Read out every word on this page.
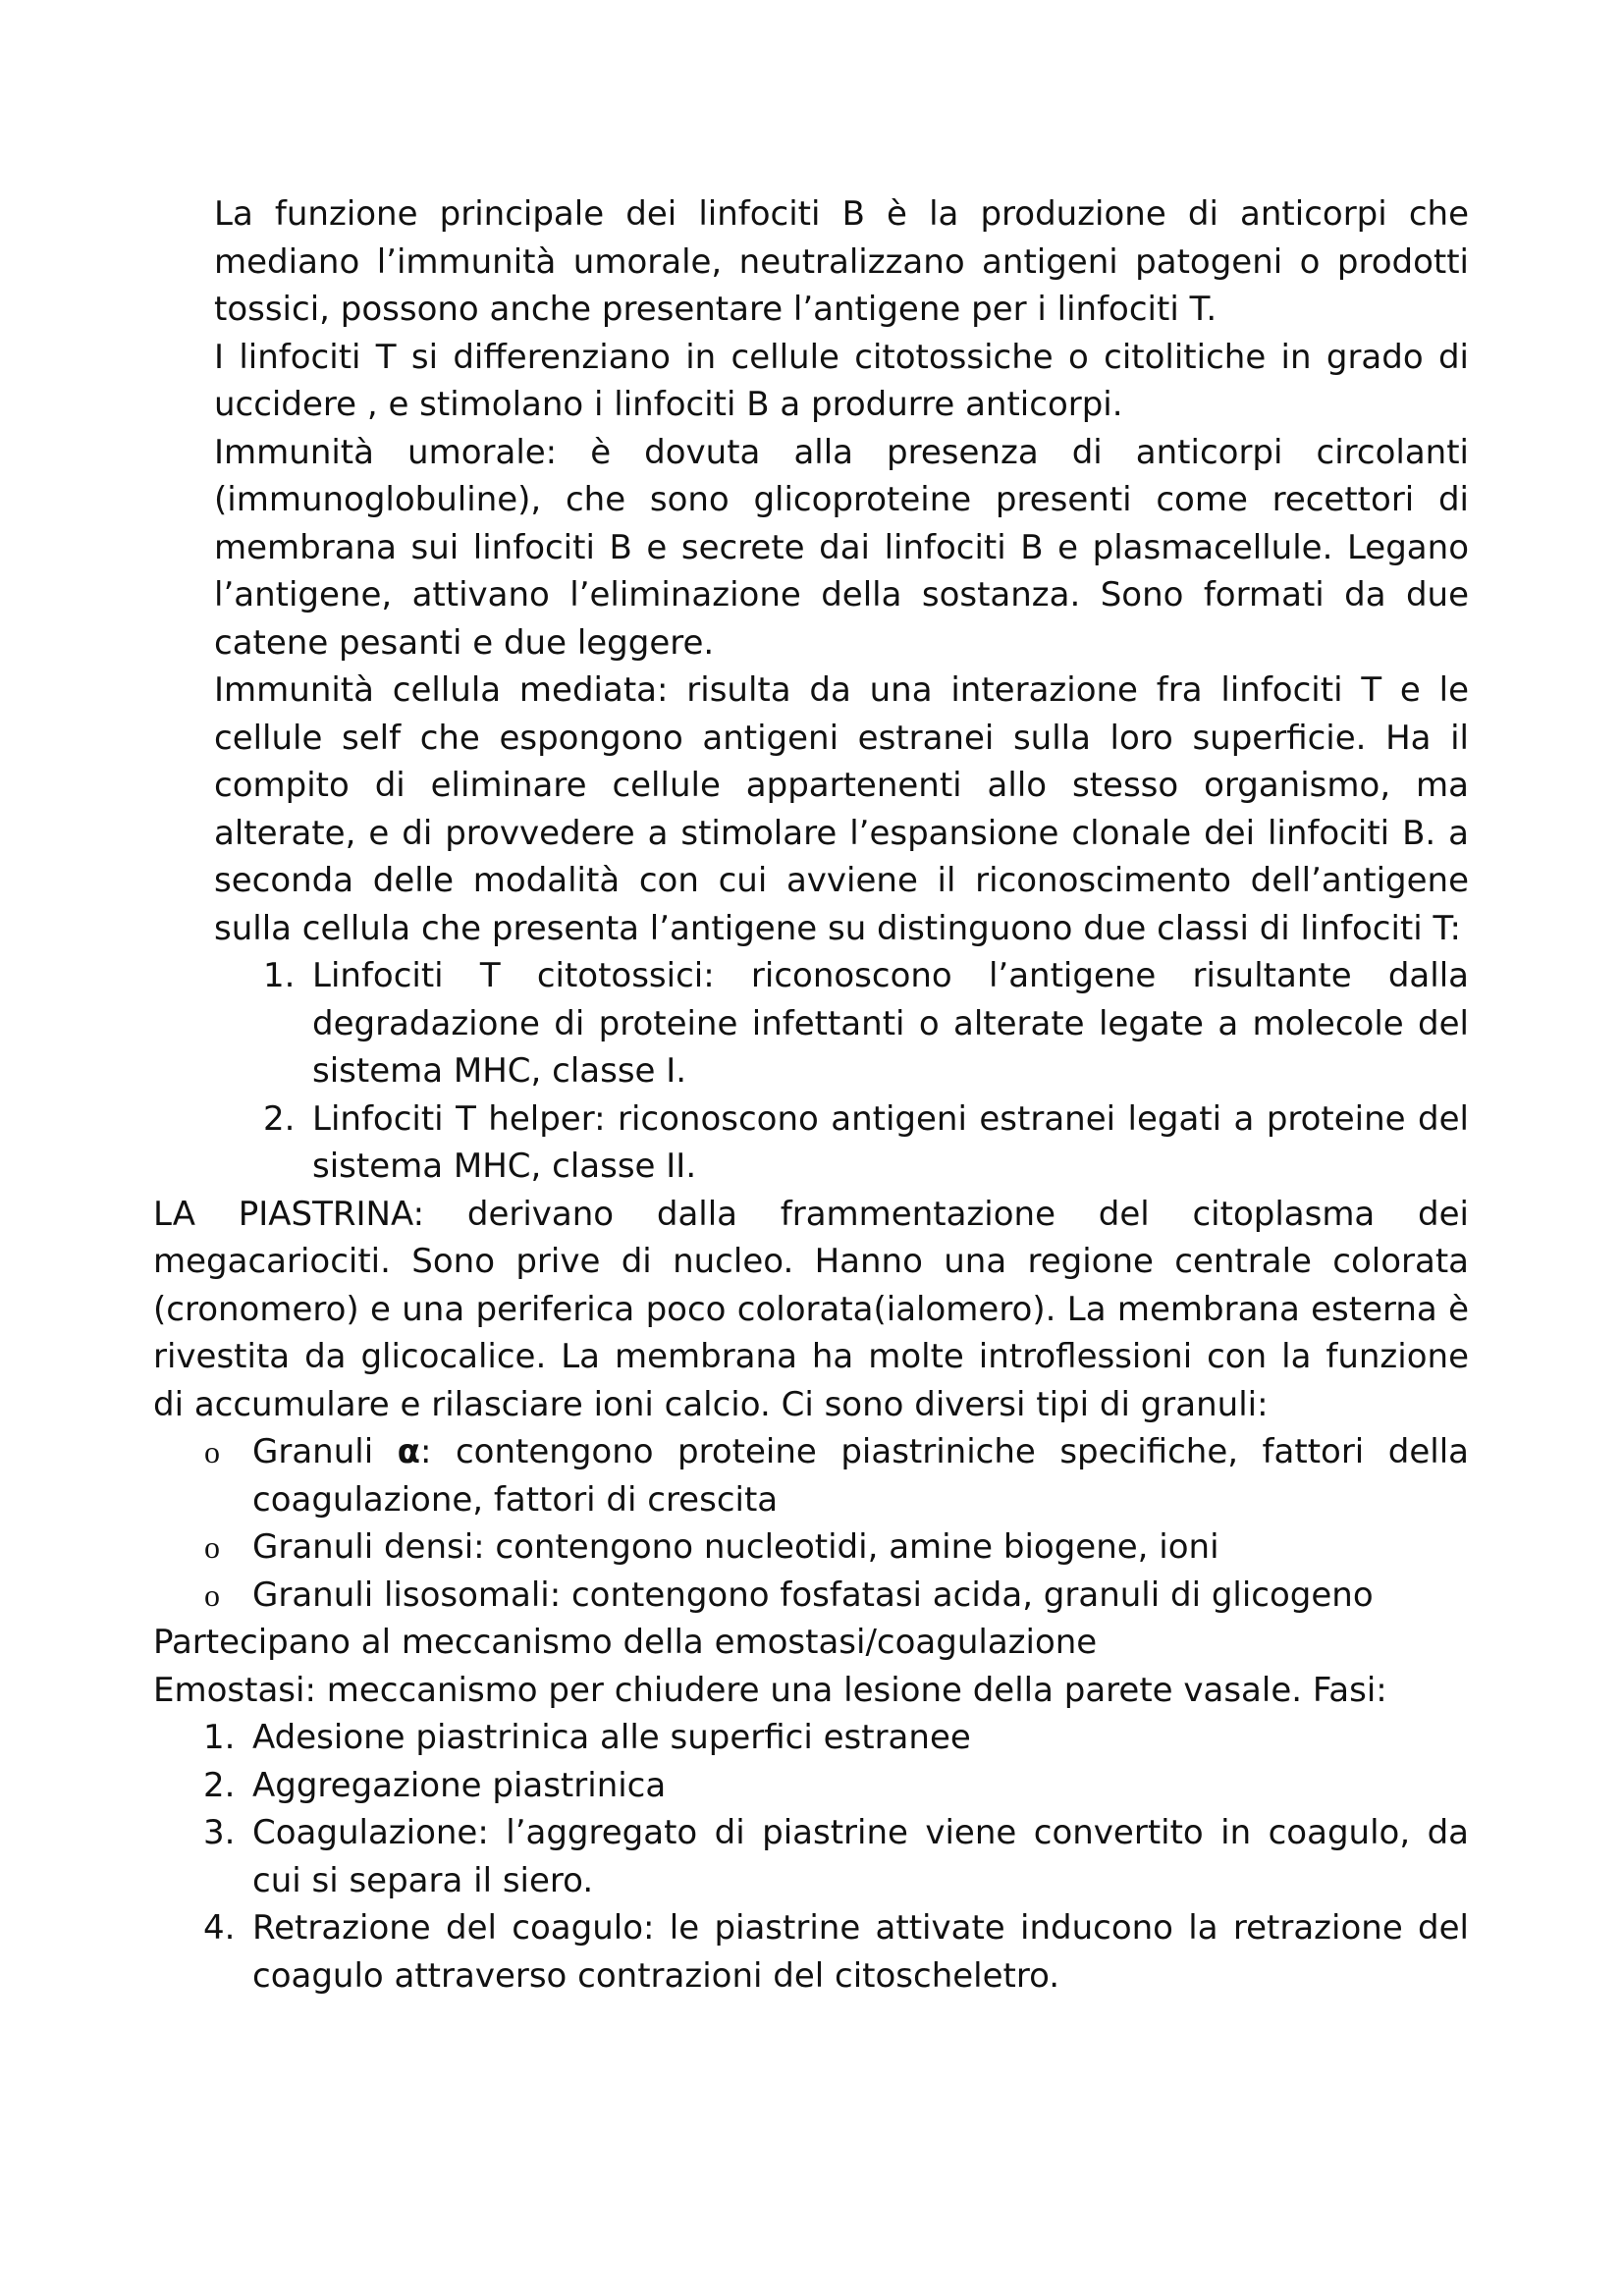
La funzione principale dei linfociti B è la produzione di anticorpi che mediano l’immunità umorale, neutralizzano antigeni patogeni o prodotti tossici, possono anche presentare l’antigene per i linfociti T.

I linfociti T si differenziano in cellule citotossiche o citolitiche in grado di uccidere , e stimolano i linfociti B a produrre anticorpi.

Immunità umorale: è dovuta alla presenza di anticorpi circolanti (immunoglobuline), che sono glicoproteine presenti come recettori di membrana sui linfociti B e secrete dai linfociti B e plasmacellule. Legano l’antigene, attivano l’eliminazione della sostanza. Sono formati da due catene pesanti e due leggere.

Immunità cellula mediata: risulta da una interazione fra linfociti T e le cellule self che espongono antigeni estranei sulla loro superficie. Ha il compito di eliminare cellule appartenenti allo stesso organismo, ma alterate, e di provvedere a stimolare l’espansione clonale dei linfociti B. a seconda delle modalità con cui avviene il riconoscimento dell’antigene sulla cellula che presenta l’antigene su distinguono due classi di linfociti T:

1. Linfociti T citotossici: riconoscono l’antigene risultante dalla degradazione di proteine infettanti o alterate legate a molecole del sistema MHC, classe I.
2. Linfociti T helper: riconoscono antigeni estranei legati a proteine del sistema MHC, classe II.

LA PIASTRINA: derivano dalla frammentazione del citoplasma dei megacariociti. Sono prive di nucleo. Hanno una regione centrale colorata (cronomero) e una periferica poco colorata(ialomero). La membrana esterna è rivestita da glicocalice. La membrana ha molte introflessioni con la funzione di accumulare e rilasciare ioni calcio. Ci sono diversi tipi di granuli:

o Granuli α: contengono proteine piastriniche specifiche, fattori della coagulazione, fattori di crescita
o Granuli densi: contengono nucleotidi, amine biogene, ioni
o Granuli lisosomali: contengono fosfatasi acida, granuli di glicogeno

Partecipano al meccanismo della emostasi/coagulazione

Emostasi: meccanismo per chiudere una lesione della parete vasale. Fasi:

1. Adesione piastrinica alle superfici estranee
2. Aggregazione piastrinica
3. Coagulazione: l’aggregato di piastrine viene convertito in coagulo, da cui si separa il siero.
4. Retrazione del coagulo: le piastrine attivate inducono la retrazione del coagulo attraverso contrazioni del citoscheletro.
